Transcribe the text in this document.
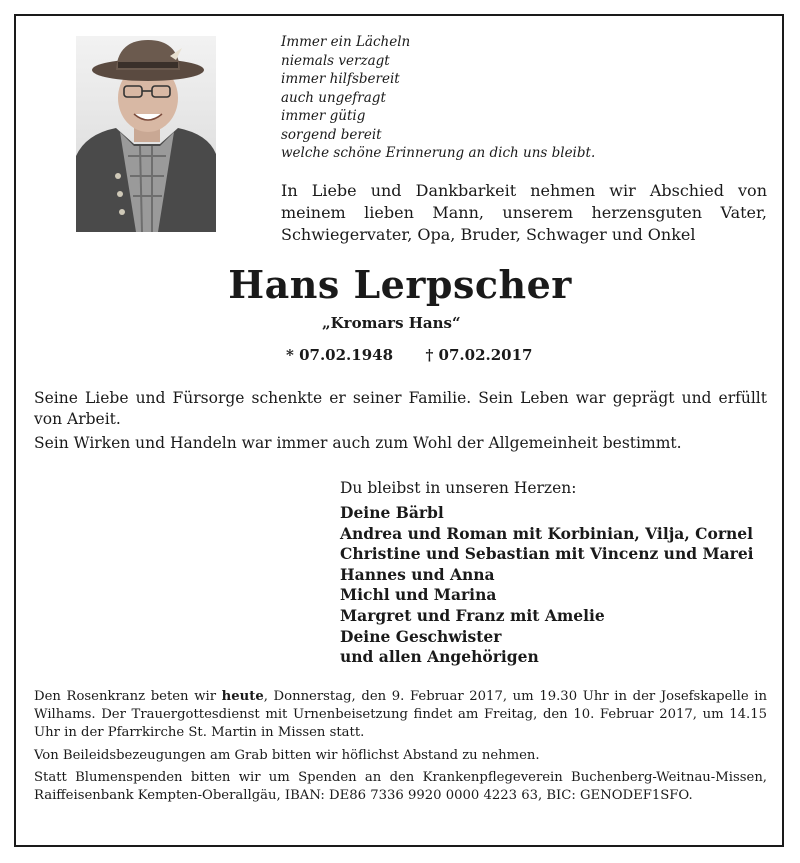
Immer ein Lächeln
niemals verzagt
immer hilfsbereit
auch ungefragt
immer gütig
sorgend bereit
welche schöne Erinnerung an dich uns bleibt.
In Liebe und Dankbarkeit nehmen wir Abschied von meinem lieben Mann, unserem herzensguten Vater, Schwiegervater, Opa, Bruder, Schwager und Onkel
Hans Lerpscher
„Kromars Hans“
* 07.02.1948 † 07.02.2017

Seine Liebe und Fürsorge schenkte er seiner Familie. Sein Leben war geprägt und erfüllt von Arbeit.

Sein Wirken und Handeln war immer auch zum Wohl der Allgemeinheit bestimmt.

Du bleibst in unseren Herzen:
Deine Bärbl
Andrea und Roman mit Korbinian, Vilja, Cornel
Christine und Sebastian mit Vincenz und Marei
Hannes und Anna
Michl und Marina
Margret und Franz mit Amelie
Deine Geschwister
und allen Angehörigen

Den Rosenkranz beten wir heute, Donnerstag, den 9. Februar 2017, um 19.30 Uhr in der Josefskapelle in Wilhams. Der Trauergottesdienst mit Urnenbeisetzung findet am Freitag, den 10. Februar 2017, um 14.15 Uhr in der Pfarrkirche St. Martin in Missen statt.

Von Beileidsbezeugungen am Grab bitten wir höflichst Abstand zu nehmen.

Statt Blumenspenden bitten wir um Spenden an den Krankenpflegeverein Buchenberg-Weitnau-Missen, Raiffeisenbank Kempten-Oberallgäu, IBAN: DE86 7336 9920 0000 4223 63, BIC: GENODEF1SFO.
